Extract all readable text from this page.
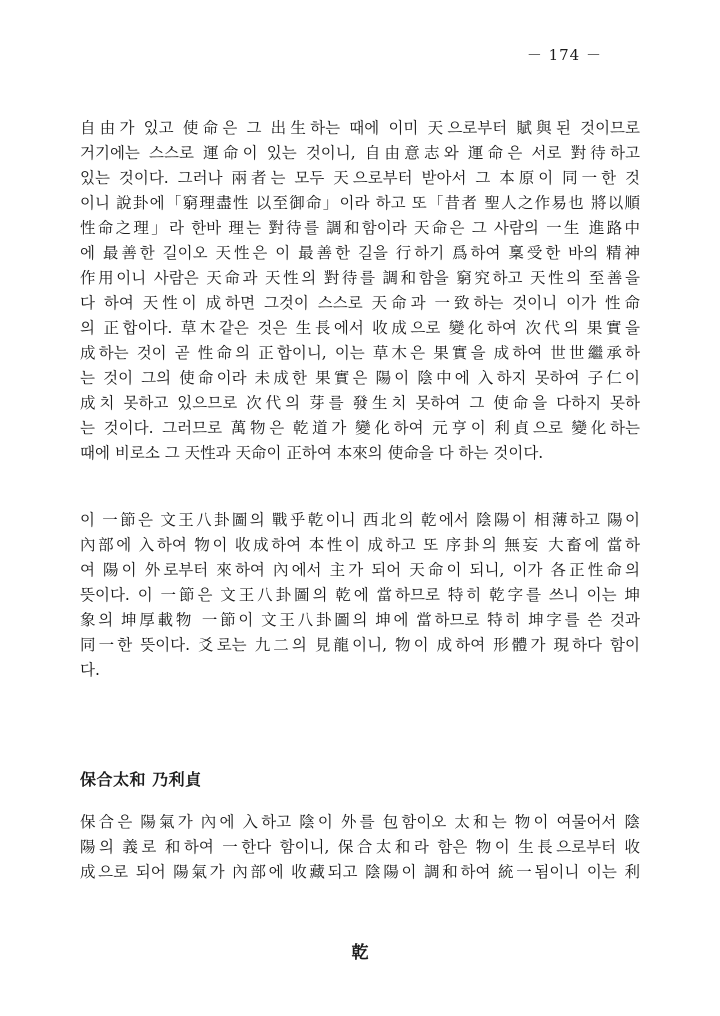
－ 174 －
自由가 있고 使命은 그 出生하는 때에 이미 天으로부터 賦與된 것이므로
거기에는 스스로 運命이 있는 것이니, 自由意志와 運命은 서로 對待하고
있는 것이다. 그러나 兩者는 모두 天으로부터 받아서 그 本原이 同一한 것
이니 說卦에「窮理盡性 以至御命」이라 하고 또「昔者 聖人之作易也 將以順
性命之理」라 한바 理는 對待를 調和함이라 天命은 그 사람의 一生 進路中
에 最善한 길이오 天性은 이 最善한 길을 行하기 爲하여 稟受한 바의 精神
作用이니 사람은 天命과 天性의 對待를 調和함을 窮究하고 天性의 至善을
다 하여 天性이 成하면 그것이 스스로 天命과 一致하는 것이니 이가 性命
의 正합이다. 草木같은 것은 生長에서 收成으로 變化하여 次代의 果實을
成하는 것이 곧 性命의 正합이니, 이는 草木은 果實을 成하여 世世繼承하
는 것이 그의 使命이라 未成한 果實은 陽이 陰中에 入하지 못하여 子仁이
成치 못하고 있으므로 次代의 芽를 發生치 못하여 그 使命을 다하지 못하
는 것이다. 그러므로 萬物은 乾道가 變化하여 元亨이 利貞으로 變化하는
때에 비로소 그 天性과 天命이 正하여 本來의 使命을 다 하는 것이다.
이 一節은 文王八卦圖의 戰乎乾이니 西北의 乾에서 陰陽이 相薄하고 陽이
內部에 入하여 物이 收成하여 本性이 成하고 또 序卦의 無妄 大畜에 當하
여 陽이 外로부터 來하여 內에서 主가 되어 天命이 되니, 이가 各正性命의
뜻이다. 이 一節은 文王八卦圖의 乾에 當하므로 特히 乾字를 쓰니 이는 坤
象의 坤厚載物 一節이 文王八卦圖의 坤에 當하므로 特히 坤字를 쓴 것과
同一한 뜻이다. 爻로는 九二의 見龍이니, 物이 成하여 形體가 現하다 함이
다.
保合太和 乃利貞
保合은 陽氣가 內에 入하고 陰이 外를 包함이오 太和는 物이 여물어서 陰
陽의 義로 和하여 一한다 함이니, 保合太和라 함은 物이 生長으로부터 收
成으로 되어 陽氣가 內部에 收藏되고 陰陽이 調和하여 統一됨이니 이는 利
乾
